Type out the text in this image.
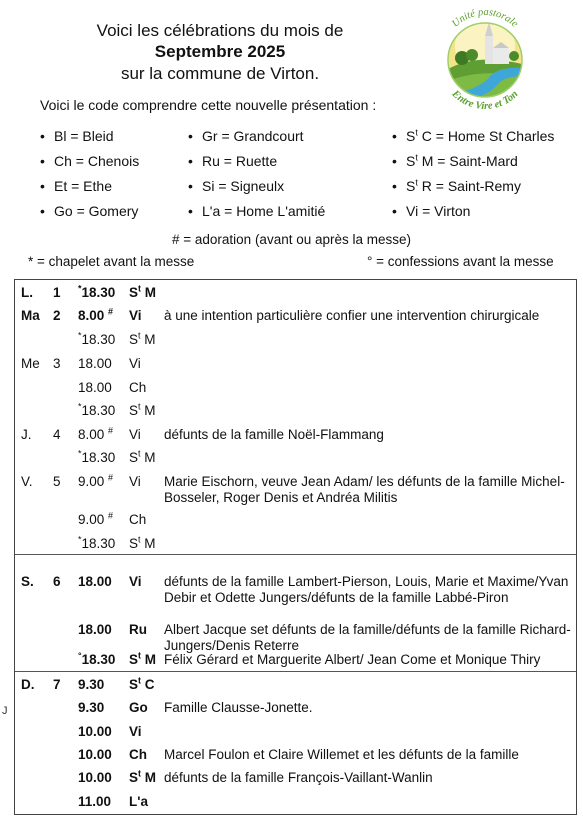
Voici les célébrations du mois de
Septembre 2025
sur la commune de Virton.
Unité pastorale
Entre Vire et Ton
Voici le code comprendre cette nouvelle présentation :
• Bl = Bleid
• Ch = Chenois
• Et = Ethe
• Go = Gomery
• Gr = Grandcourt
• Ru = Ruette
• Si = Signeulx
• L'a = Home L'amitié
• $S^t$ C = Home St Charles
• $S^t$ M = Saint-Mard
• $S^t$ R = Saint-Remy
• Vi = Virton
# = adoration (avant ou après la messe)
* = chapelet avant la messe	° = confessions avant la messe
L. 1 *18.30 $S^t$ M
Ma 2 8.00 # Vi à une intention particulière confier une intervention chirurgicale
*18.30 $S^t$ M
Me 3 18.00 Vi
18.00 Ch
*18.30 $S^t$ M
J. 4 8.00 # Vi défunts de la famille Noël-Flammang
*18.30 $S^t$ M
V. 5 9.00 # Vi Marie Eischorn, veuve Jean Adam/ les défunts de la famille Michel-Bosseler, Roger Denis et Andréa Militis
9.00 # Ch
*18.30 $S^t$ M
S. 6 18.00 Vi défunts de la famille Lambert-Pierson, Louis, Marie et Maxime/Yvan Debir et Odette Jungers/défunts de la famille Labbé-Piron
18.00 Ru Albert Jacque set défunts de la famille/défunts de la famille Richard-Jungers/Denis Reterre
°18.30 $S^t$ M Félix Gérard et Marguerite Albert/ Jean Come et Monique Thiry
D. 7 9.30 $S^t$ C
9.30 Go Famille Clausse-Jonette.
10.00 Vi
10.00 Ch Marcel Foulon et Claire Willemet et les défunts de la famille
10.00 $S^t$ M défunts de la famille François-Vaillant-Wanlin
11.00 L'a
J
